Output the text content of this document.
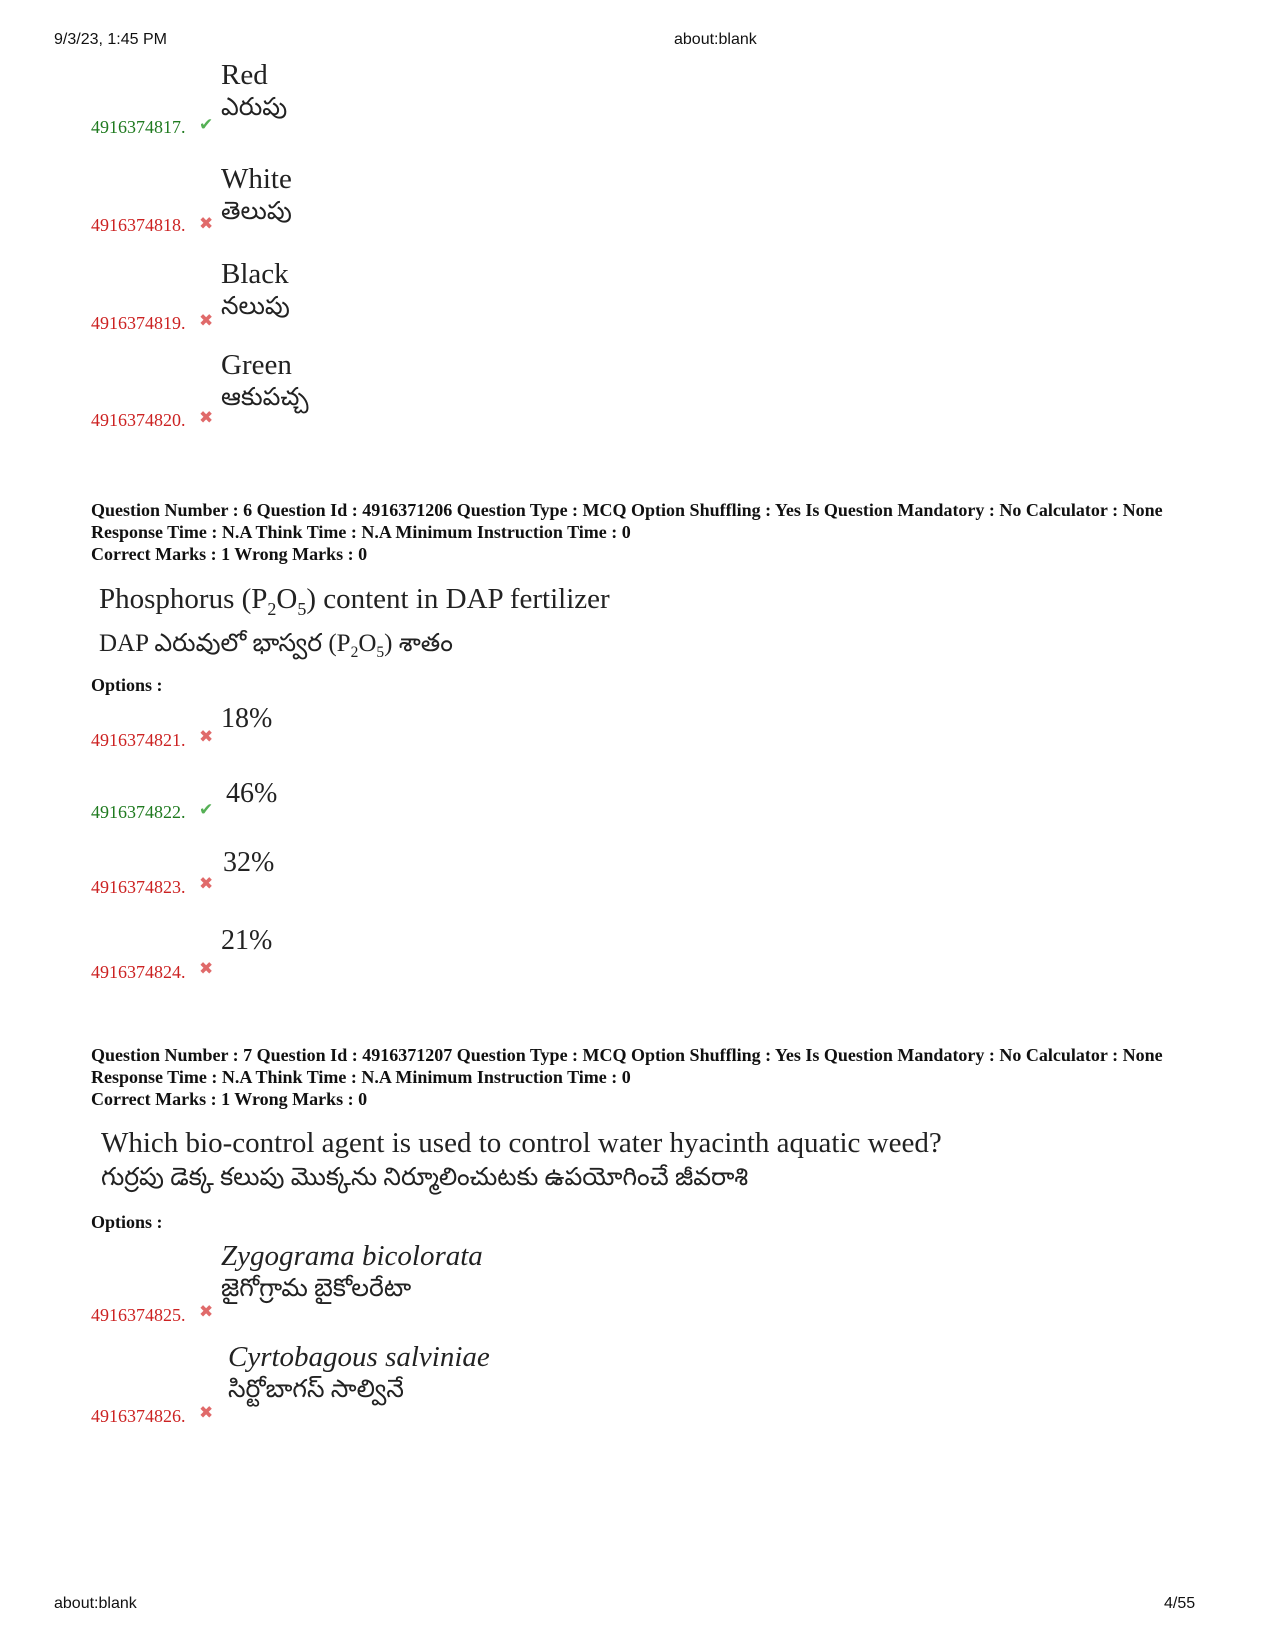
9/3/23, 1:45 PM	about:blank
Red
ఎరుపు
4916374817. ✔
White
తెలుపు
4916374818. ✖
Black
నలుపు
4916374819. ✖
Green
ఆకుపచ్చ
4916374820. ✖
Question Number : 6 Question Id : 4916371206 Question Type : MCQ Option Shuffling : Yes Is Question Mandatory : No Calculator : None Response Time : N.A Think Time : N.A Minimum Instruction Time : 0
Correct Marks : 1 Wrong Marks : 0
Phosphorus $(P_2O_5)$ content in DAP fertilizer
DAP ఎరువులో భాస్వర $(P_2O_5)$ శాతం
Options :
18%
4916374821. ✖
46%
4916374822. ✔
32%
4916374823. ✖
21%
4916374824. ✖
Question Number : 7 Question Id : 4916371207 Question Type : MCQ Option Shuffling : Yes Is Question Mandatory : No Calculator : None Response Time : N.A Think Time : N.A Minimum Instruction Time : 0
Correct Marks : 1 Wrong Marks : 0
Which bio-control agent is used to control water hyacinth aquatic weed?
గుర్రపు డెక్క కలుపు మొక్కను నిర్మూలించుటకు ఉపయోగించే జీవరాశి
Options :
Zygograma bicolorata
జైగోగ్రామ బైకోలరేటా
4916374825. ✖
Cyrtobagous salviniae
సిర్టోబాగస్ సాల్వినే
4916374826. ✖
about:blank	4/55
